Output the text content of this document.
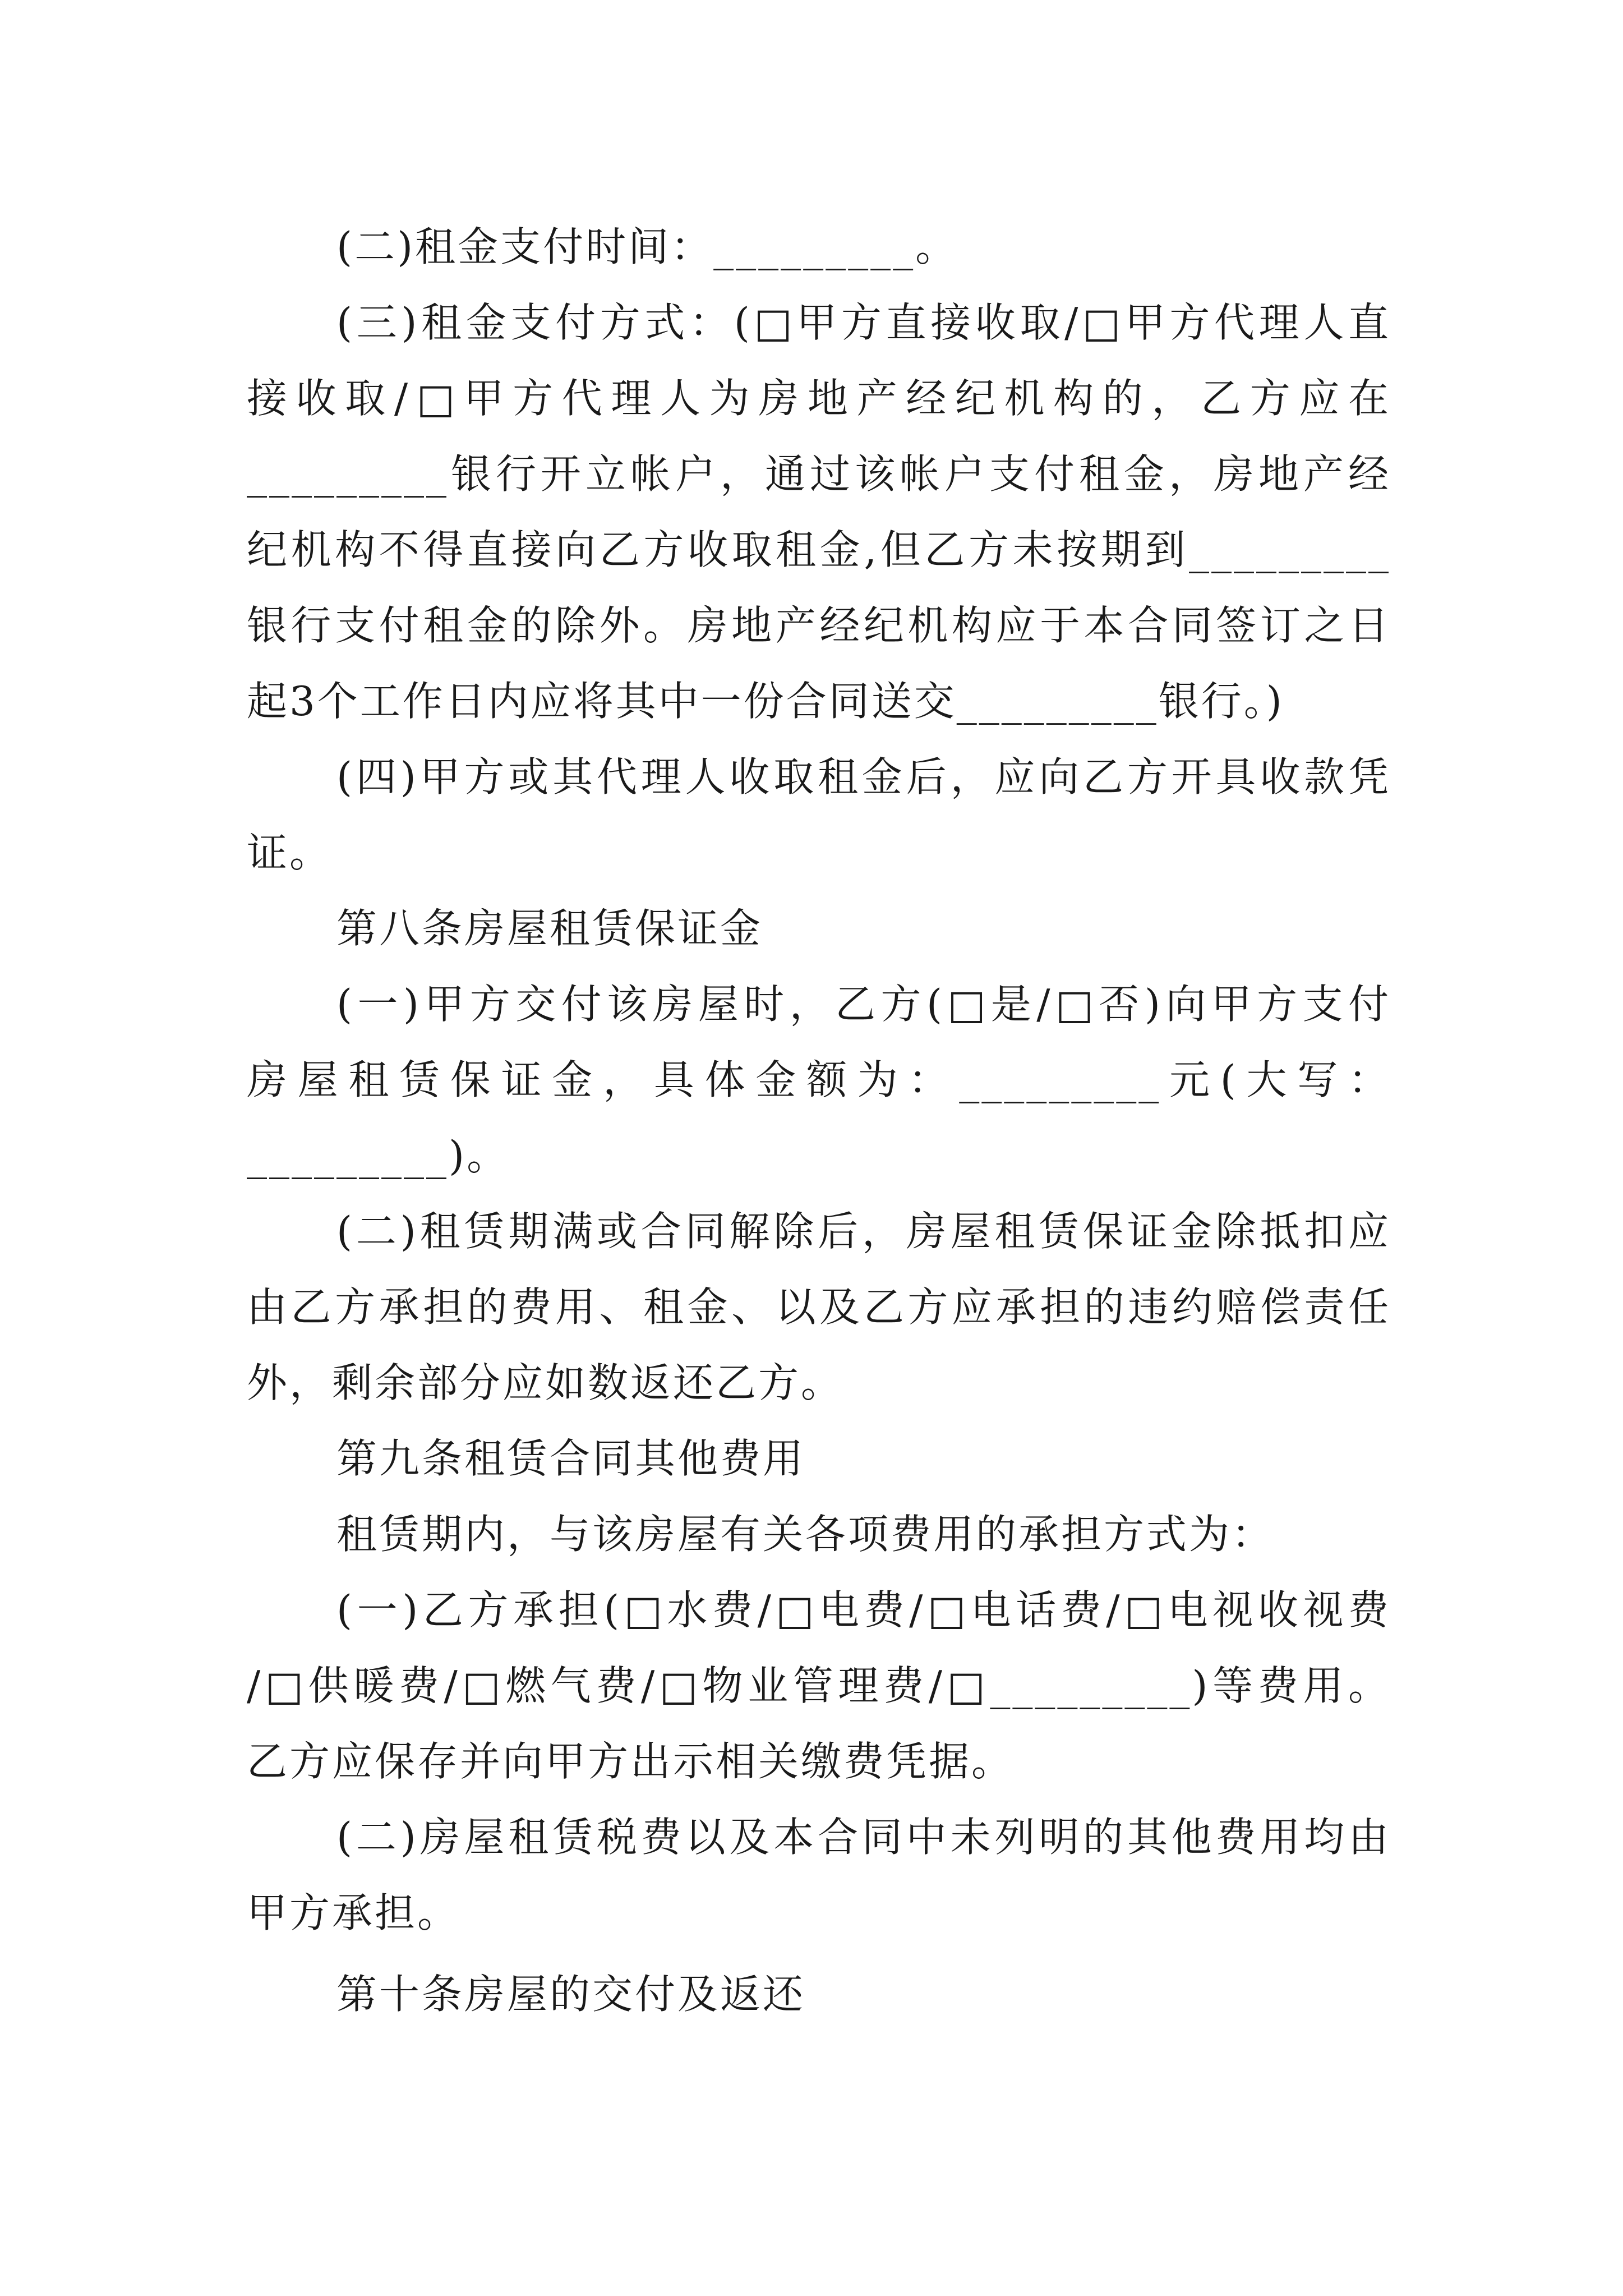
(二)租金支付时间：_________。
(三)租金支付方式：(□甲方直接收取/□甲方代理人直
接收取/□甲方代理人为房地产经纪机构的，乙方应在
_________银行开立帐户，通过该帐户支付租金，房地产经
纪机构不得直接向乙方收取租金,但乙方未按期到_________
银行支付租金的除外。房地产经纪机构应于本合同签订之日
起3个工作日内应将其中一份合同送交_________银行。)
(四)甲方或其代理人收取租金后，应向乙方开具收款凭
证。
第八条房屋租赁保证金
(一)甲方交付该房屋时，乙方(□是/□否)向甲方支付
房屋租赁保证金，具体金额为：_________元(大写：
_________)。
(二)租赁期满或合同解除后，房屋租赁保证金除抵扣应
由乙方承担的费用、租金、以及乙方应承担的违约赔偿责任
外，剩余部分应如数返还乙方。
第九条租赁合同其他费用
租赁期内，与该房屋有关各项费用的承担方式为：
(一)乙方承担(□水费/□电费/□电话费/□电视收视费
/□供暖费/□燃气费/□物业管理费/□_________)等费用。
乙方应保存并向甲方出示相关缴费凭据。
(二)房屋租赁税费以及本合同中未列明的其他费用均由
甲方承担。
第十条房屋的交付及返还
